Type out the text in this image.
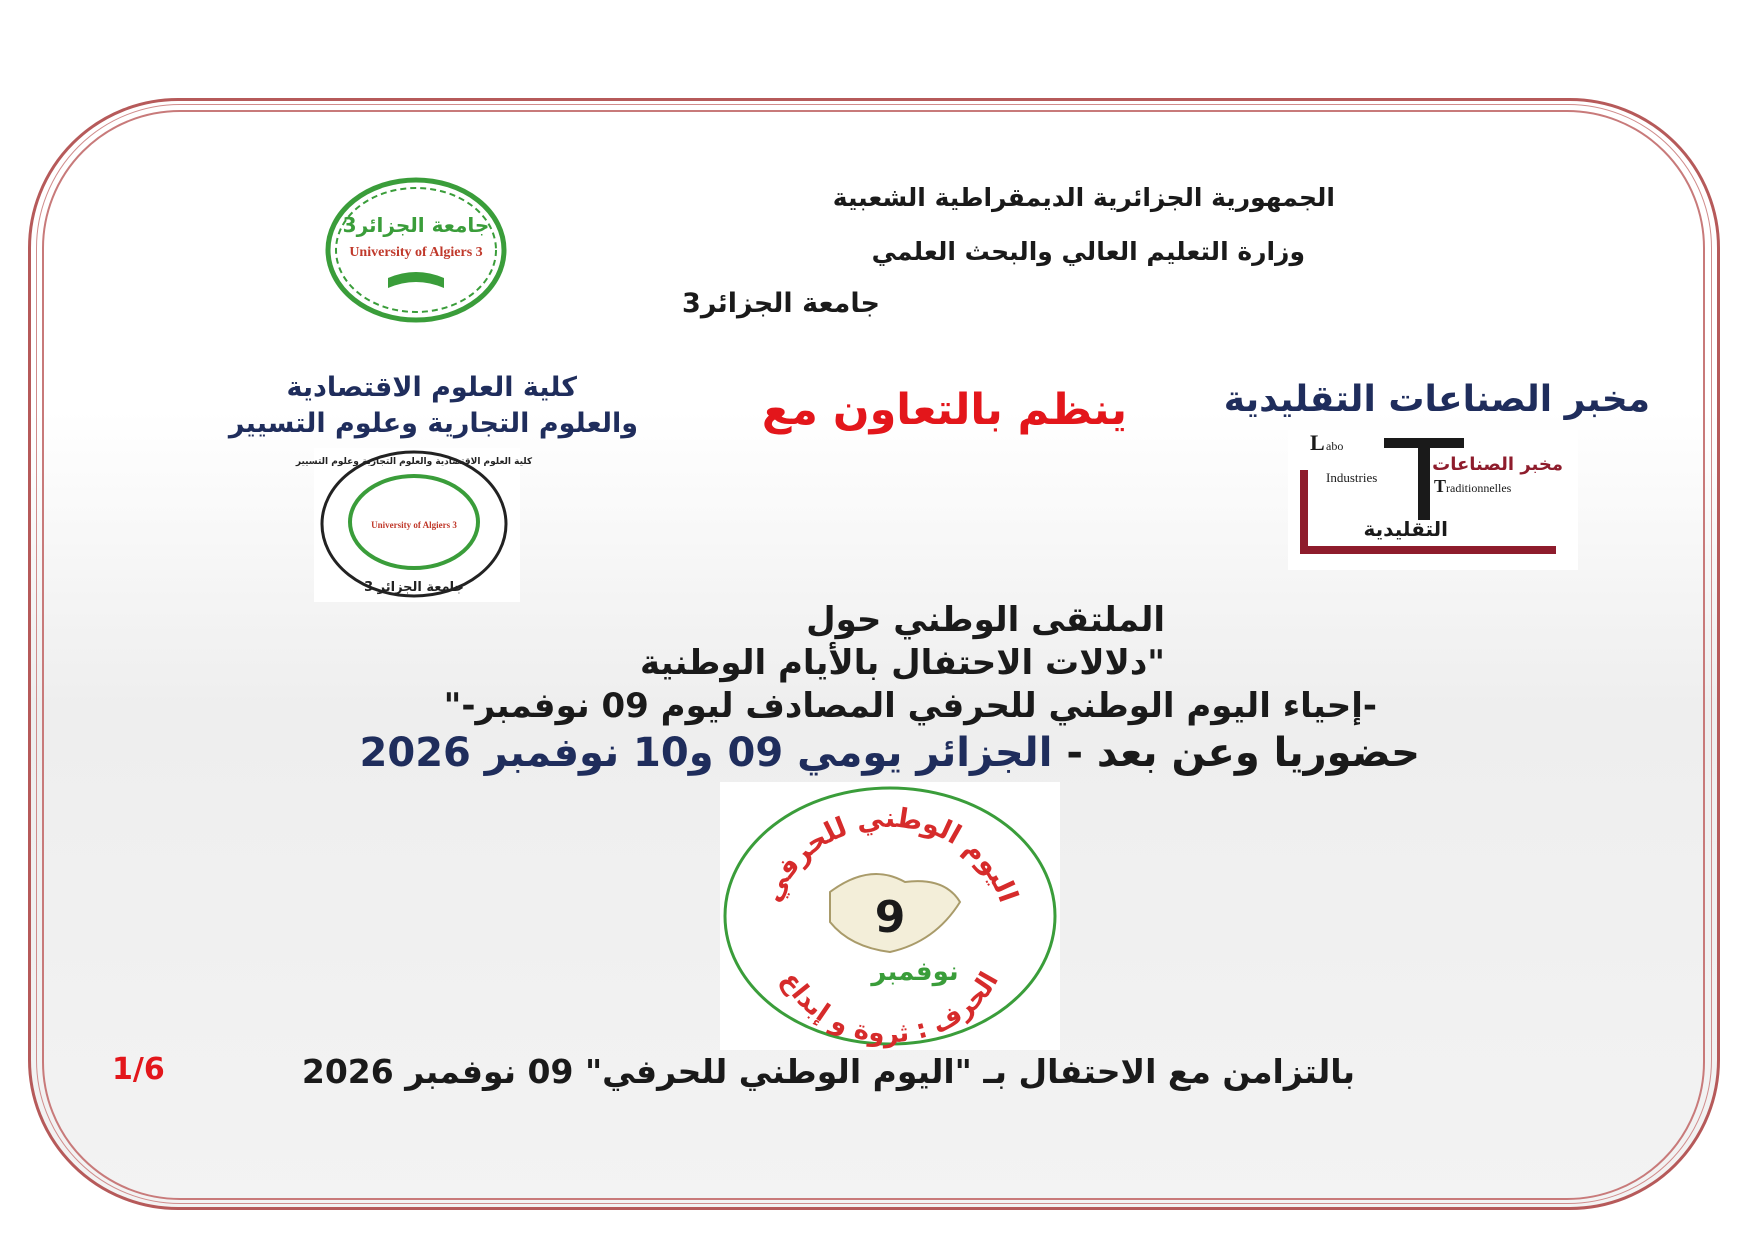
الجمهورية الجزائرية الديمقراطية الشعبية
وزارة التعليم العالي والبحث العلمي
جامعة الجزائر3
جامعة الجزائر3
University of Algiers 3
كلية العلوم الاقتصادية
والعلوم التجارية وعلوم التسيير	ينظم بالتعاون مع	مخبر الصناعات التقليدية
كلية العلوم الاقتصادية والعلوم التجارية وعلوم التسيير
University of Algiers 3
جامعة الجزائر 3
L abo
Industries	T raditionnelles
مخبر الصناعات
التقليدية
الملتقى الوطني حول
"دلالات الاحتفال بالأيام الوطنية
-إحياء اليوم الوطني للحرفي المصادف ليوم 09 نوفمبر-"
حضوريا وعن بعد - الجزائر يومي 09 و10 نوفمبر 2026
اليوم الوطني للحرفي
9
نوفمبر
الحرف : ثروة و إبداع
بالتزامن مع الاحتفال بـ "اليوم الوطني للحرفي" 09 نوفمبر 2026
1/6
